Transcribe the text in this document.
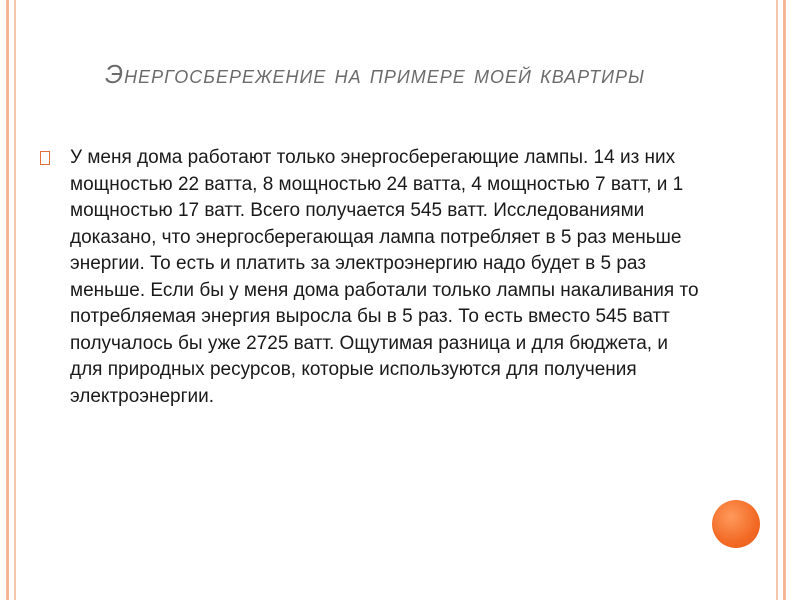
Энергосбережение на примере моей квартиры
У меня дома работают только энергосберегающие лампы. 14 из них мощностью 22 ватта, 8 мощностью 24 ватта, 4 мощностью 7 ватт, и 1 мощностью 17 ватт. Всего получается 545 ватт. Исследованиями доказано, что энергосберегающая лампа потребляет в 5 раз меньше энергии. То есть и платить за электроэнергию надо будет в 5 раз меньше. Если бы у меня дома работали только лампы накаливания то потребляемая энергия выросла бы в 5 раз. То есть вместо 545 ватт получалось бы уже 2725 ватт. Ощутимая разница и для бюджета, и для природных ресурсов, которые используются для получения электроэнергии.
